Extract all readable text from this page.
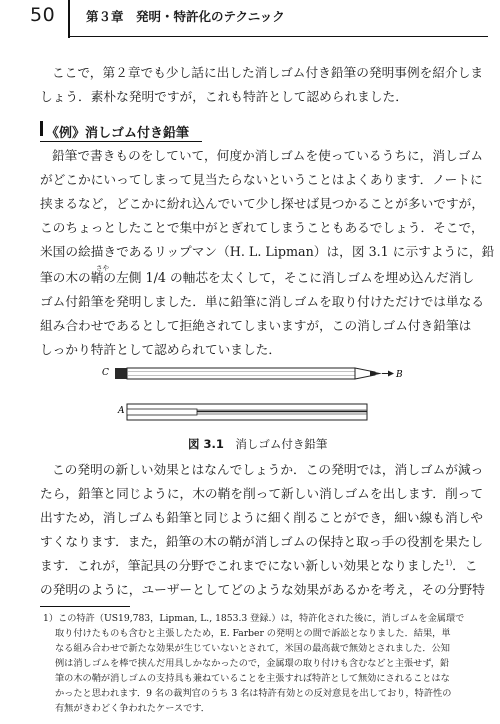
50 第３章　発明・特許化のテクニック
ここで，第２章でも少し話に出した消しゴム付き鉛筆の発明事例を紹介しま
しょう．素朴な発明ですが，これも特許として認められました．
《例》消しゴム付き鉛筆
鉛筆で書きものをしていて，何度か消しゴムを使っているうちに，消しゴム
がどこかにいってしまって見当たらないということはよくあります．ノートに
挟まるなど，どこかに紛れ込んでいて少し探せば見つかることが多いですが，
このちょっとしたことで集中がとぎれてしまうこともあるでしょう．そこで，
米国の絵描きであるリップマン（H. L. Lipman）は，図 3.1 に示すように，鉛
さや
筆の木の鞘の左側 1/4 の軸芯を太くして，そこに消しゴムを埋め込んだ消し
ゴム付鉛筆を発明しました．単に鉛筆に消しゴムを取り付けただけでは単なる
組み合わせであるとして拒絶されてしまいますが，この消しゴム付き鉛筆は
しっかり特許として認められていました．
C	B
A
図 3.1　 消しゴム付き鉛筆
この発明の新しい効果とはなんでしょうか．この発明では，消しゴムが減っ
たら，鉛筆と同じように，木の鞘を削って新しい消しゴムを出します．削って
出すため，消しゴムも鉛筆と同じように細く削ることができ，細い線も消しや
すくなります．また，鉛筆の木の鞘が消しゴムの保持と取っ手の役割を果たし
ます．これが，筆記具の分野でこれまでにない新しい効果となりました$^{1)}$．こ
の発明のように，ユーザーとしてどのような効果があるかを考え，その分野特
1）この特許（US19,783，Lipman, L., 1853.3 登録.）は，特許化された後に，消しゴムを金属環で
取り付けたものも含むと主張したため，E. Farber の発明との間で訴訟となりました．結果，単
なる組み合わせで新たな効果が生じていないとされて，米国の最高裁で無効とされました．公知
例は消しゴムを棒で挟んだ用具しかなかったので，金属環の取り付けも含むなどと主張せず，鉛
筆の木の鞘が消しゴムの支持具も兼ねていることを主張すれば特許として無効にされることはな
かったと思われます．9 名の裁判官のうち 3 名は特許有効との反対意見を出しており，特許性の
有無がきわどく争われたケースです．
